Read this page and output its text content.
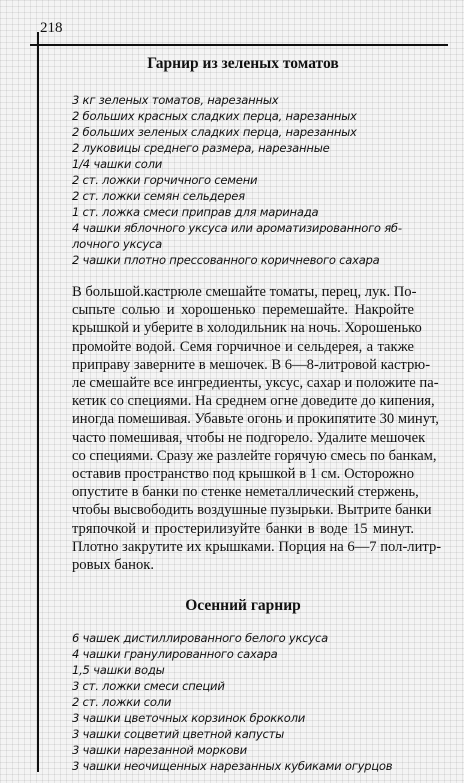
218
Гарнир из зеленых томатов
3 кг зеленых томатов, нарезанных
2 больших красных сладких перца, нарезанных
2 больших зеленых сладких перца, нарезанных
2 луковицы среднего размера, нарезанные
1/4 чашки соли
2 ст. ложки горчичного семени
2 ст. ложки семян сельдерея
1 ст. ложка смеси приправ для маринада
4 чашки яблочного уксуса или ароматизированного яб-
лочного уксуса
2 чашки плотно прессованного коричневого сахара
В большой.кастрюле смешайте томаты, перец, лук. По-
сыпьте солью и хорошенько перемешайте. Накройте
крышкой и уберите в холодильник на ночь. Хорошенько
промойте водой. Семя горчичное и сельдерея, а также
приправу заверните в мешочек. В 6—8-литровой кастрю-
ле смешайте все ингредиенты, уксус, сахар и положите па-
кетик со специями. На среднем огне доведите до кипения,
иногда помешивая. Убавьте огонь и прокипятите 30 минут,
часто помешивая, чтобы не подгорело. Удалите мешочек
со специями. Сразу же разлейте горячую смесь по банкам,
оставив пространство под крышкой в 1 см. Осторожно
опустите в банки по стенке неметаллический стержень,
чтобы высвободить воздушные пузырьки. Вытрите банки
тряпочкой и простерилизуйте банки в воде 15 минут.
Плотно закрутите их крышками. Порция на 6—7 пол-литр-
ровых банок.
Осенний гарнир
6 чашек дистиллированного белого уксуса
4 чашки гранулированного сахара
1,5 чашки воды
3 ст. ложки смеси специй
2 ст. ложки соли
3 чашки цветочных корзинок брокколи
3 чашки соцветий цветной капусты
3 чашки нарезанной моркови
3 чашки неочищенных нарезанных кубиками огурцов
